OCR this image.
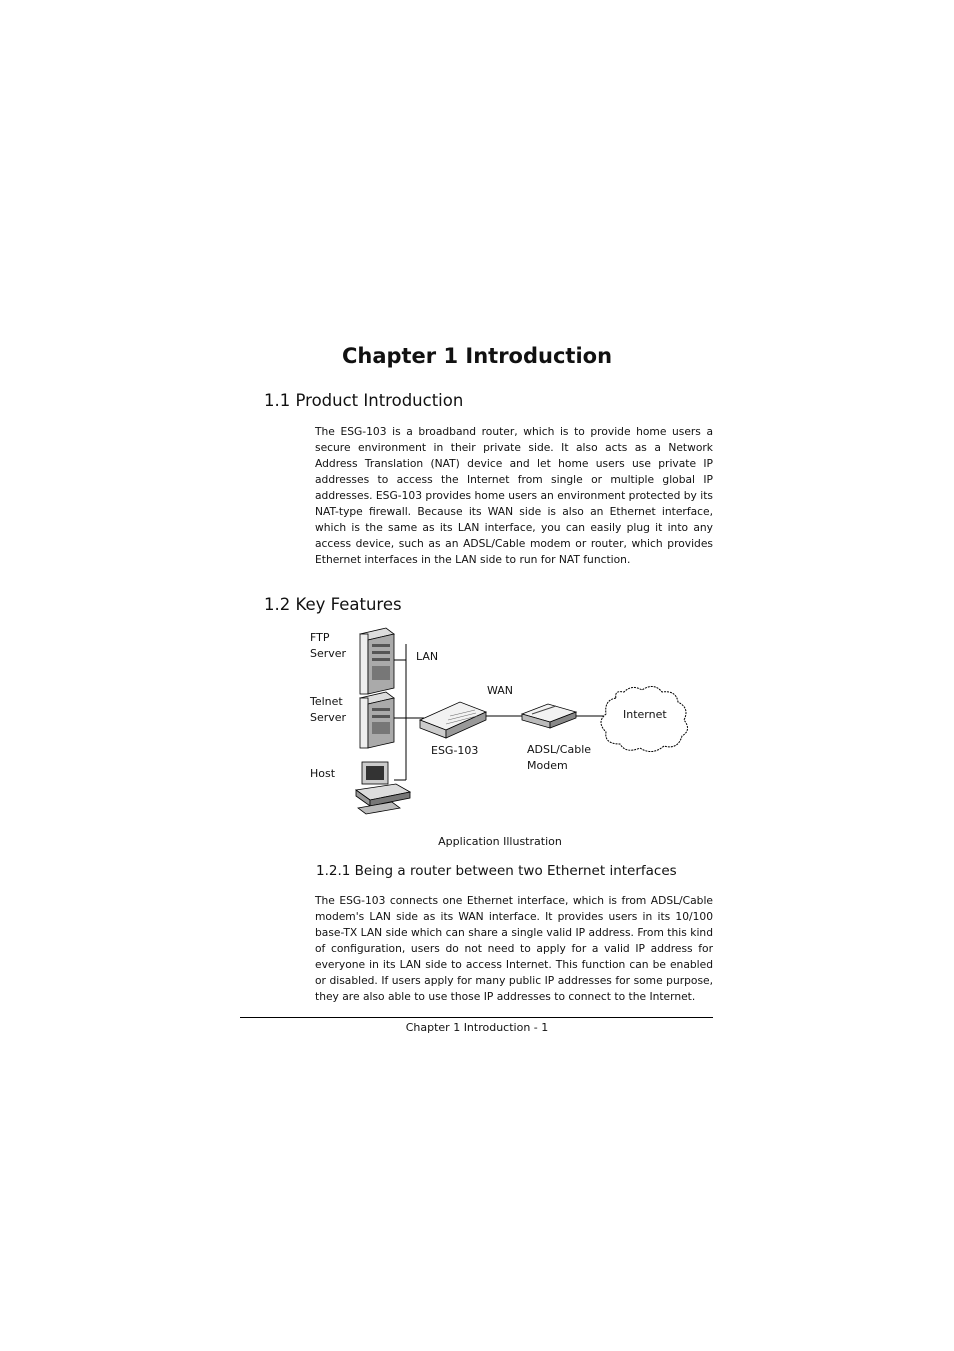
Chapter 1 Introduction
1.1 Product Introduction

The ESG-103 is a broadband router, which is to provide home users a secure environment in their private side. It also acts as a Network Address Translation (NAT) device and let home users use private IP addresses to access the Internet from single or multiple global IP addresses. ESG-103 provides home users an environment protected by its NAT-type firewall. Because its WAN side is also an Ethernet interface, which is the same as its LAN interface, you can easily plug it into any access device, such as an ADSL/Cable modem or router, which provides Ethernet interfaces in the LAN side to run for NAT function.

1.2 Key Features
FTP
Server	LAN
WAN
Telnet
Server	Internet
ESG-103	ADSL/Cable
Modem
Host
Application Illustration
1.2.1 Being a router between two Ethernet interfaces

The ESG-103 connects one Ethernet interface, which is from ADSL/Cable modem's LAN side as its WAN interface. It provides users in its 10/100 base-TX LAN side which can share a single valid IP address. From this kind of configuration, users do not need to apply for a valid IP address for everyone in its LAN side to access Internet. This function can be enabled or disabled. If users apply for many public IP addresses for some purpose, they are also able to use those IP addresses to connect to the Internet.

Chapter 1 Introduction - 1
